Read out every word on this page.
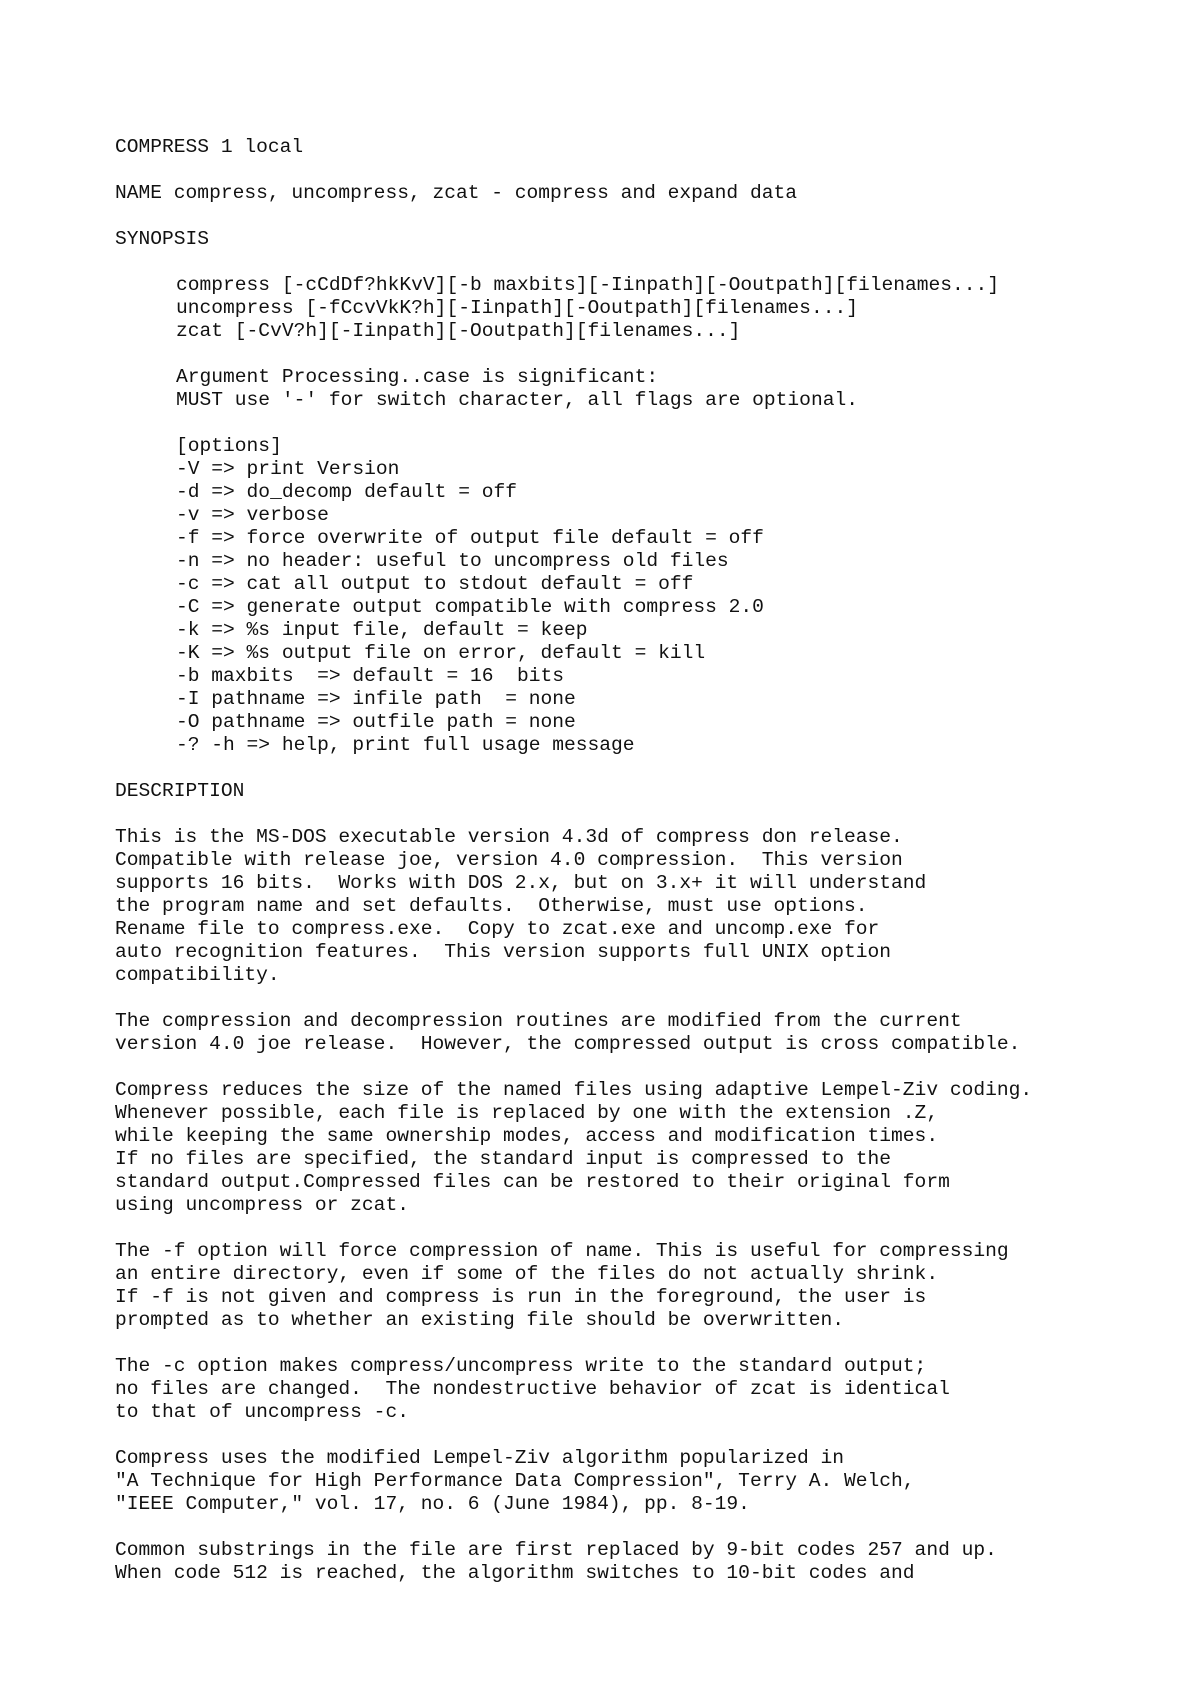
COMPRESS 1 local
NAME compress, uncompress, zcat - compress and expand data
SYNOPSIS
compress [-cCdDf?hkKvV][-b maxbits][-Iinpath][-Ooutpath][filenames...]
uncompress [-fCcvVkK?h][-Iinpath][-Ooutpath][filenames...]
zcat [-CvV?h][-Iinpath][-Ooutpath][filenames...]
Argument Processing..case is significant:
MUST use '-' for switch character, all flags are optional.
[options]
-V => print Version
-d => do_decomp default = off
-v => verbose
-f => force overwrite of output file default = off
-n => no header: useful to uncompress old files
-c => cat all output to stdout default = off
-C => generate output compatible with compress 2.0
-k => %s input file, default = keep
-K => %s output file on error, default = kill
-b maxbits  => default = 16  bits
-I pathname => infile path  = none
-O pathname => outfile path = none
-? -h => help, print full usage message
DESCRIPTION
This is the MS-DOS executable version 4.3d of compress don release.
Compatible with release joe, version 4.0 compression.  This version
supports 16 bits.  Works with DOS 2.x, but on 3.x+ it will understand
the program name and set defaults.  Otherwise, must use options.
Rename file to compress.exe.  Copy to zcat.exe and uncomp.exe for
auto recognition features.  This version supports full UNIX option
compatibility.
The compression and decompression routines are modified from the current
version 4.0 joe release.  However, the compressed output is cross compatible.
Compress reduces the size of the named files using adaptive Lempel-Ziv coding.
Whenever possible, each file is replaced by one with the extension .Z,
while keeping the same ownership modes, access and modification times.
If no files are specified, the standard input is compressed to the
standard output.Compressed files can be restored to their original form
using uncompress or zcat.
The -f option will force compression of name. This is useful for compressing
an entire directory, even if some of the files do not actually shrink.
If -f is not given and compress is run in the foreground, the user is
prompted as to whether an existing file should be overwritten.
The -c option makes compress/uncompress write to the standard output;
no files are changed.  The nondestructive behavior of zcat is identical
to that of uncompress -c.
Compress uses the modified Lempel-Ziv algorithm popularized in
"A Technique for High Performance Data Compression", Terry A. Welch,
"IEEE Computer," vol. 17, no. 6 (June 1984), pp. 8-19.
Common substrings in the file are first replaced by 9-bit codes 257 and up.
When code 512 is reached, the algorithm switches to 10-bit codes and
